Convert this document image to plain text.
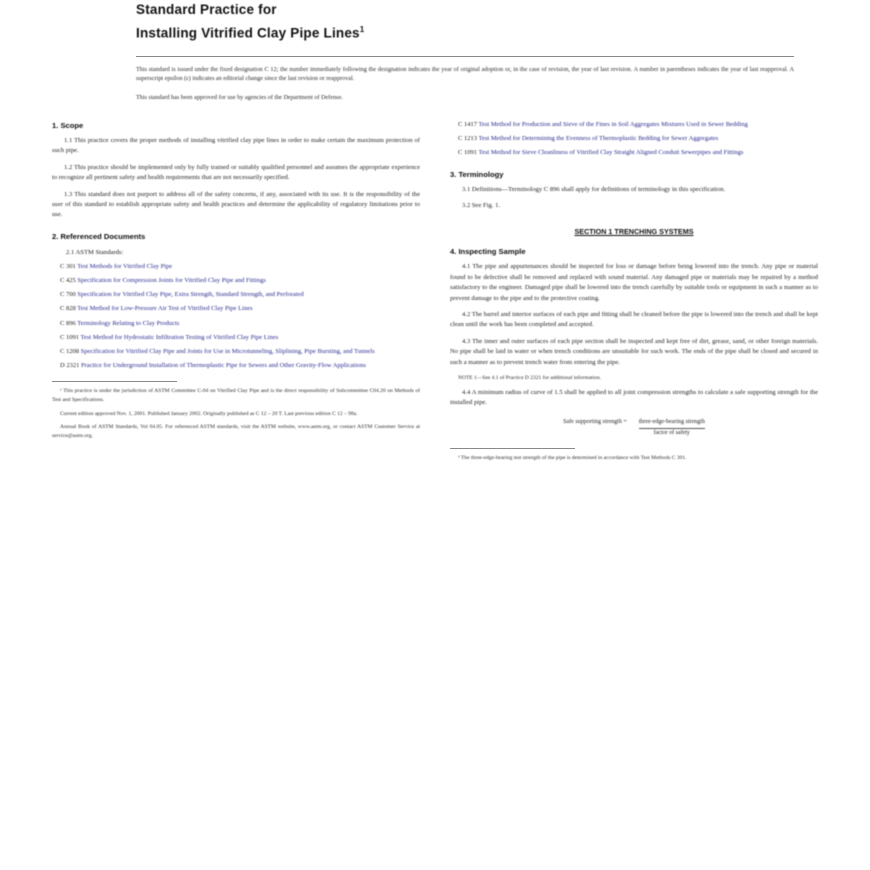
Standard Practice for
Installing Vitrified Clay Pipe Lines$^1$
This standard is issued under the fixed designation C 12; the number immediately following the designation indicates the year of original adoption or, in the case of revision, the year of last revision. A number in parentheses indicates the year of last reapproval. A superscript epsilon (ε) indicates an editorial change since the last revision or reapproval.
This standard has been approved for use by agencies of the Department of Defense.
1. Scope

1.1 This practice covers the proper methods of installing vitrified clay pipe lines in order to make certain the maximum protection of such pipe.

1.2 This practice should be implemented only by fully trained or suitably qualified personnel and assumes the appropriate experience to recognize all pertinent safety and health requirements that are not necessarily specified.

1.3 This standard does not purport to address all of the safety concerns, if any, associated with its use. It is the responsibility of the user of this standard to establish appropriate safety and health practices and determine the applicability of regulatory limitations prior to use.

2. Referenced Documents
2.1 ASTM Standards:

C 301 Test Methods for Vitrified Clay Pipe

C 425 Specification for Compression Joints for Vitrified Clay Pipe and Fittings

C 700 Specification for Vitrified Clay Pipe, Extra Strength, Standard Strength, and Perforated

C 828 Test Method for Low-Pressure Air Test of Vitrified Clay Pipe Lines

C 896 Terminology Relating to Clay Products

C 1091 Test Method for Hydrostatic Infiltration Testing of Vitrified Clay Pipe Lines

C 1208 Specification for Vitrified Clay Pipe and Joints for Use in Microtunneling, Sliplining, Pipe Bursting, and Tunnels

D 2321 Practice for Underground Installation of Thermoplastic Pipe for Sewers and Other Gravity-Flow Applications

¹ This practice is under the jurisdiction of ASTM Committee C-04 on Vitrified Clay Pipe and is the direct responsibility of Subcommittee C04.20 on Methods of Test and Specifications.

Current edition approved Nov. 1, 2001. Published January 2002. Originally published as C 12 – 20 T. Last previous edition C 12 – 98a.

Annual Book of ASTM Standards, Vol 04.05. For referenced ASTM standards, visit the ASTM website, www.astm.org, or contact ASTM Customer Service at service@astm.org.

C 1417 Test Method for Production and Sieve of the Fines in Soil Aggregates Mixtures Used in Sewer Bedding

C 1213 Test Method for Determining the Evenness of Thermoplastic Bedding for Sewer Aggregates

C 1091 Test Method for Sieve Cleanliness of Vitrified Clay Straight Aligned Conduit Sewerpipes and Fittings

3. Terminology

3.1 Definitions—Terminology C 896 shall apply for definitions of terminology in this specification.

3.2 See Fig. 1.

SECTION 1 TRENCHING SYSTEMS
4. Inspecting Sample

4.1 The pipe and appurtenances should be inspected for loss or damage before being lowered into the trench. Any pipe or material found to be defective shall be removed and replaced with sound material. Any damaged pipe or materials may be repaired by a method satisfactory to the engineer. Damaged pipe shall be lowered into the trench carefully by suitable tools or equipment in such a manner as to prevent damage to the pipe and to the protective coating.

4.2 The barrel and interior surfaces of each pipe and fitting shall be cleaned before the pipe is lowered into the trench and shall be kept clean until the work has been completed and accepted.

4.3 The inner and outer surfaces of each pipe section shall be inspected and kept free of dirt, grease, sand, or other foreign materials. No pipe shall be laid in water or when trench conditions are unsuitable for such work. The ends of the pipe shall be closed and secured in such a manner as to prevent trench water from entering the pipe.

NOTE 1—See 4.1 of Practice D 2321 for additional information.

4.4 A minimum radius of curve of 1.5 shall be applied to all joint compression strengths to calculate a safe supporting strength for the installed pipe.

Safe supporting strength = three-edge-bearing strength
factor of safety

² The three-edge-bearing test strength of the pipe is determined in accordance with Test Methods C 301.
